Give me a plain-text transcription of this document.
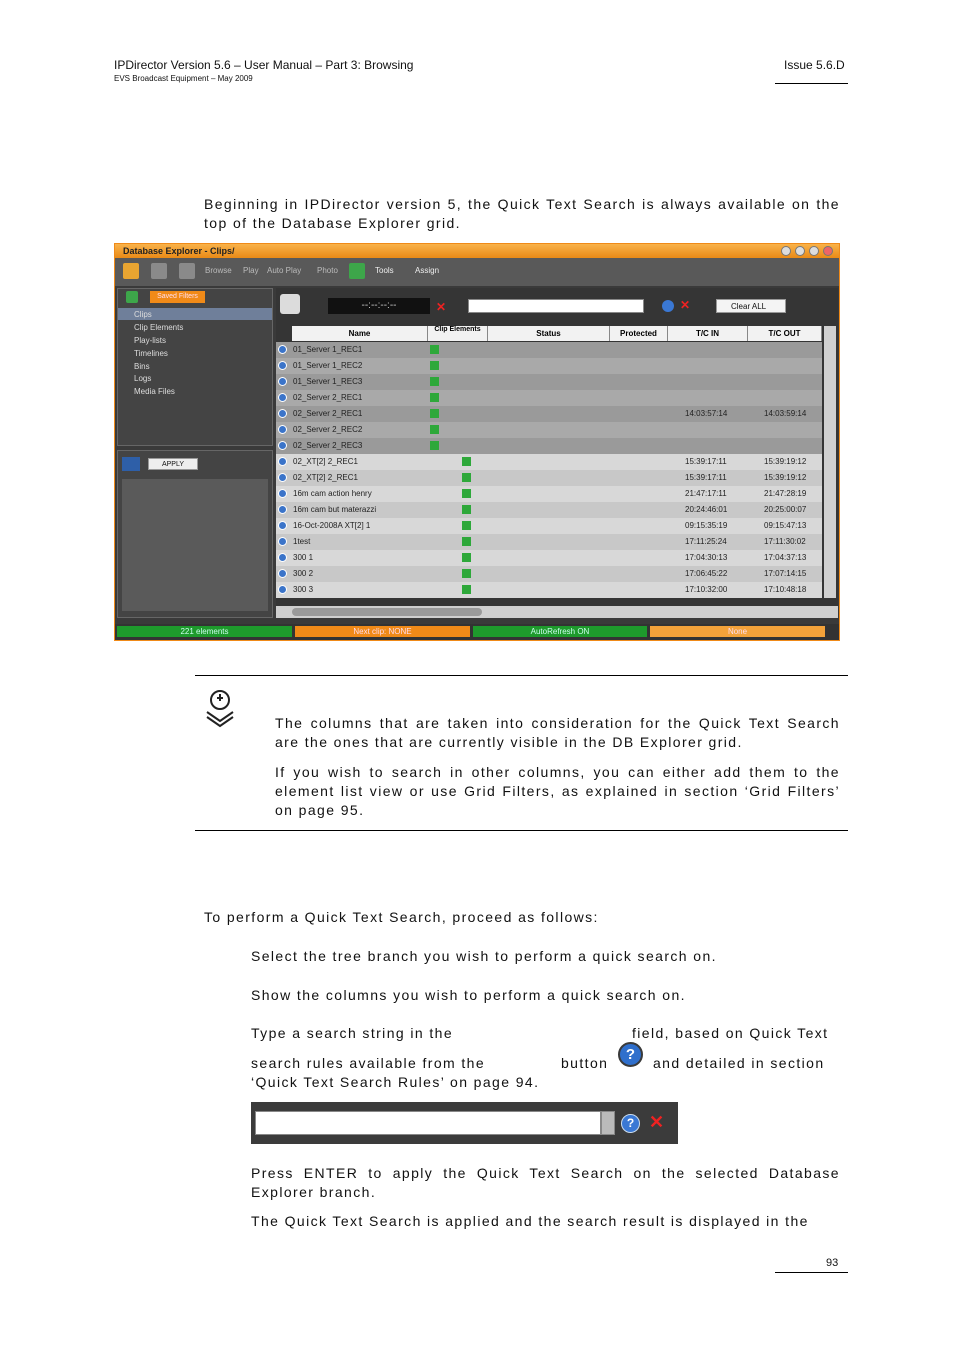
IPDirector Version 5.6 – User Manual – Part 3: Browsing
EVS Broadcast Equipment – May 2009
Issue 5.6.D
Beginning in IPDirector version 5, the Quick Text Search is always available on the top of the Database Explorer grid.
Database Explorer - Clips/
Browse Play Auto Play Photo	Tools	Assign
Saved Filters
Clips
Clip Elements
Play-lists
Timelines
Bins
Logs
Media Files
APPLY
--:--:--:--	✕	✕	Clear ALL
Name	Clip Elements	Status	Protected	T/C IN	T/C OUT
01_Server 1_REC1
01_Server 1_REC2
01_Server 1_REC3
02_Server 2_REC1
02_Server 2_REC1	14:03:57:14	14:03:59:14
02_Server 2_REC2
02_Server 2_REC3
02_XT[2] 2_REC1	15:39:17:11	15:39:19:12
02_XT[2] 2_REC1	15:39:17:11	15:39:19:12
16m cam action henry	21:47:17:11	21:47:28:19
16m cam but materazzi	20:24:46:01	20:25:00:07
16-Oct-2008A XT[2] 1	09:15:35:19	09:15:47:13
1test	17:11:25:24	17:11:30:02
300 1	17:04:30:13	17:04:37:13
300 2	17:06:45:22	17:07:14:15
300 3	17:10:32:00	17:10:48:18
221 elements	Next clip: NONE	AutoRefresh ON	None
The columns that are taken into consideration for the Quick Text Search are the ones that are currently visible in the DB Explorer grid.
If you wish to search in other columns, you can either add them to the element list view or use Grid Filters, as explained in section ‘Grid Filters’ on page 95.
To perform a Quick Text Search, proceed as follows:
Select the tree branch you wish to perform a quick search on.
Show the columns you wish to perform a quick search on.
Type a search string in the	field, based on Quick Text
search rules available from the	button	?	and detailed in section
‘Quick Text Search Rules’ on page 94.
? ✕
Press ENTER to apply the Quick Text Search on the selected Database Explorer branch.
The Quick Text Search is applied and the search result is displayed in the
93
